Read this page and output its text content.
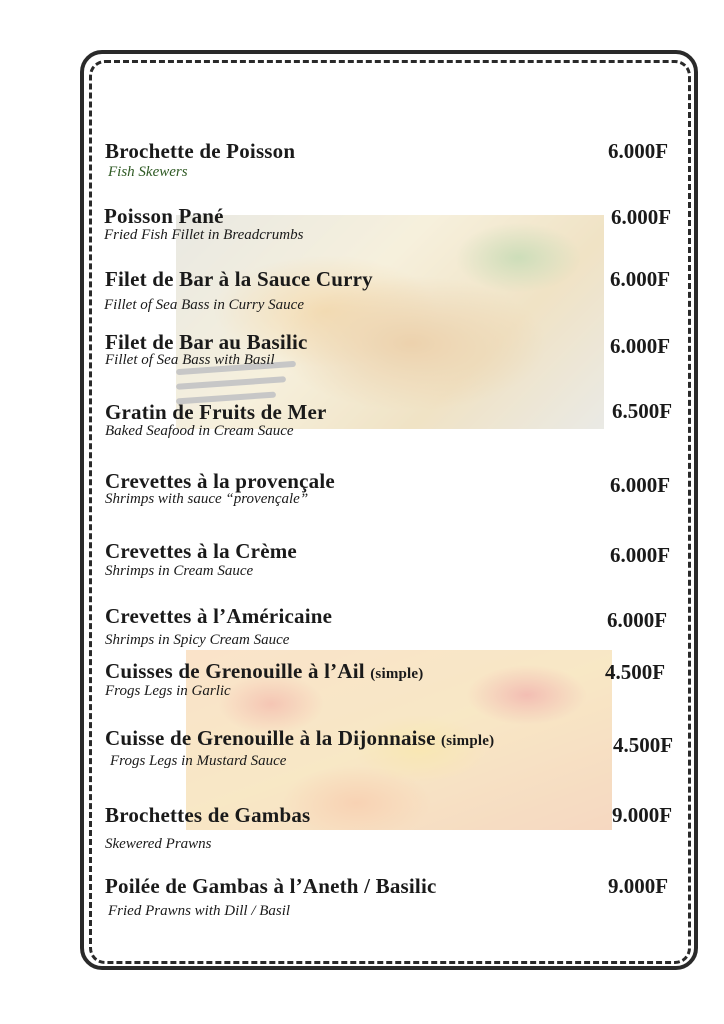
Brochette de Poisson
Fish Skewers
6.000F
Poisson Pané
Fried Fish Fillet in Breadcrumbs
6.000F
Filet de Bar à la Sauce Curry
Fillet of Sea Bass in Curry Sauce
6.000F
Filet de Bar au Basilic
Fillet of Sea Bass with Basil
6.000F
Gratin de Fruits de Mer
Baked Seafood in Cream Sauce
6.500F
Crevettes à la provençale
Shrimps with sauce “provençale”
6.000F
Crevettes à la Crème
Shrimps in Cream Sauce
6.000F
Crevettes à l’Américaine
Shrimps in Spicy Cream Sauce
6.000F
Cuisses de Grenouille à l’Ail (simple)
Frogs Legs in Garlic
4.500F
Cuisse de Grenouille à la Dijonnaise (simple)
Frogs Legs in Mustard Sauce
4.500F
Brochettes de Gambas
Skewered Prawns
9.000F
Poilée de Gambas à l’Aneth / Basilic
Fried Prawns with Dill / Basil
9.000F
